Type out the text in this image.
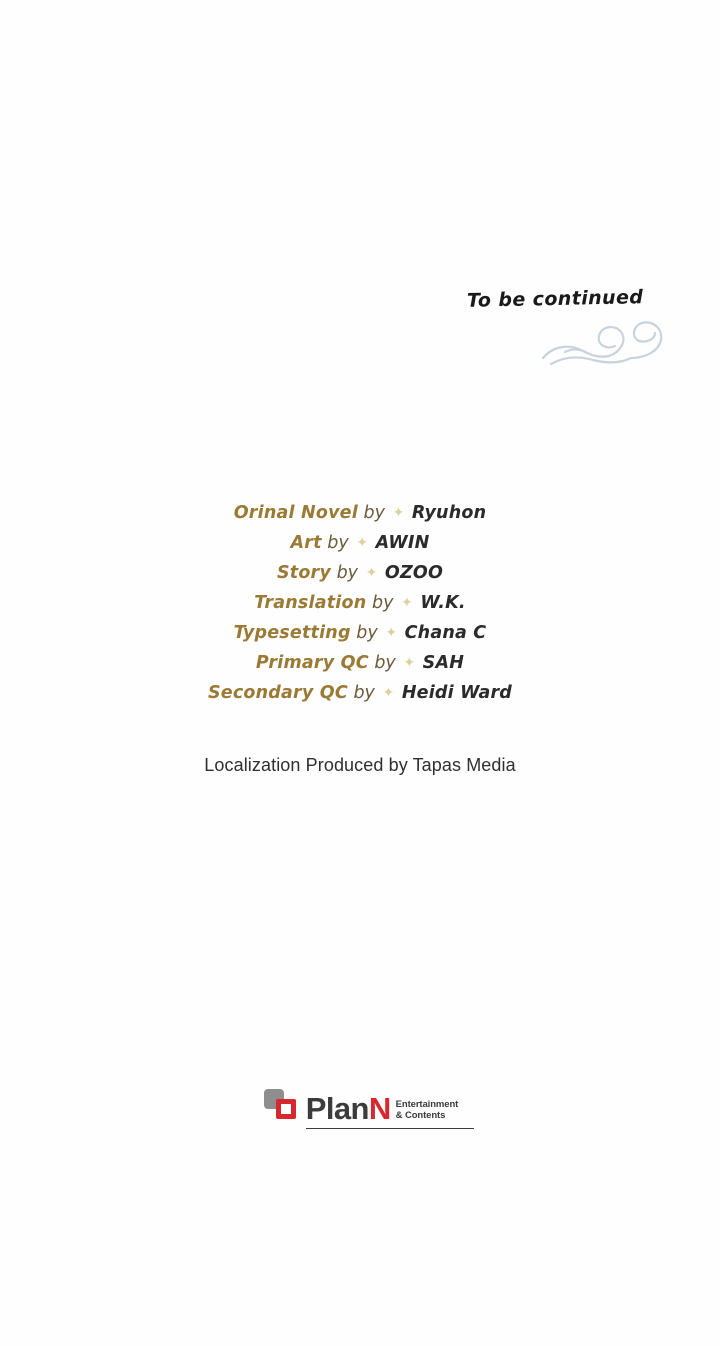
To be continued
Orinal Novel by ✦ Ryuhon
Art by ✦ AWIN
Story by ✦ OZOO
Translation by ✦ W.K.
Typesetting by ✦ Chana C
Primary QC by ✦ SAH
Secondary QC by ✦ Heidi Ward
Localization Produced by Tapas Media
PlanN Entertainment
& Contents
